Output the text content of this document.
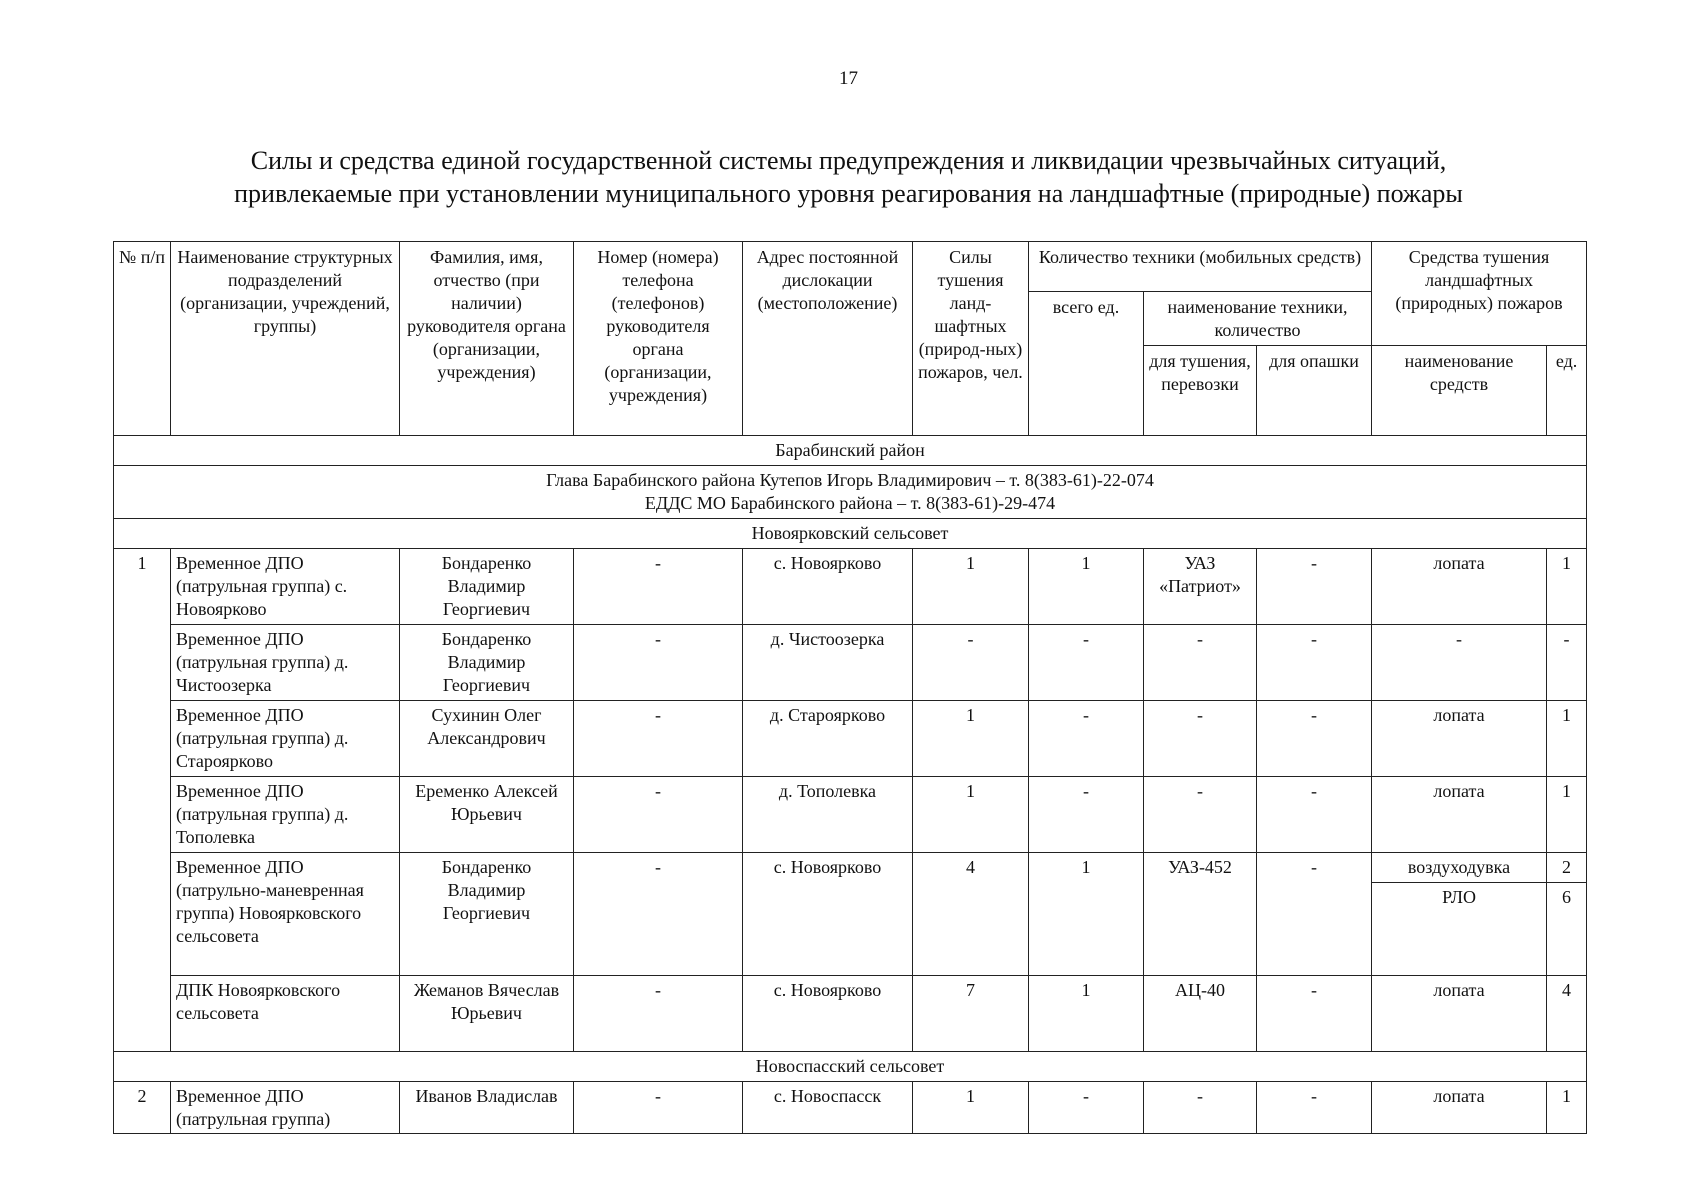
17
Силы и средства единой государственной системы предупреждения и ликвидации чрезвычайных ситуаций,
привлекаемые при установлении муниципального уровня реагирования на ландшафтные (природные) пожары
№ п/п	Наименование структурных подразделений (организации, учреждений, группы)	Фамилия, имя, отчество (при наличии) руководителя органа (организации, учреждения)	Номер (номера) телефона (телефонов) руководителя органа (организации, учреждения)	Адрес постоянной дислокации (местоположение)	Силы тушения ланд-шафтных (природ-ных) пожаров, чел.	Количество техники (мобильных средств)			Средства тушения ландшафтных (природных) пожаров	
						всего ед.	наименование техники, количество			
							для тушения, перевозки	для опашки	наименование средств	ед.
Барабинский район										

Глава Барабинского района Кутепов Игорь Владимирович – т. 8(383-61)-22-074
ЕДДС МО Барабинского района – т. 8(383-61)-29-474										

Новоярковский сельсовет										
1	Временное ДПО (патрульная группа) с. Новоярково	Бондаренко Владимир Георгиевич	-	с. Новоярково	1	1	УАЗ «Патриот»	-	лопата	1
	Временное ДПО (патрульная группа) д. Чистоозерка	Бондаренко Владимир Георгиевич	-	д. Чистоозерка	-	-	-	-	-	-
	Временное ДПО (патрульная группа) д. Староярково	Сухинин Олег Александрович	-	д. Староярково	1	-	-	-	лопата	1
	Временное ДПО (патрульная группа) д. Тополевка	Еременко Алексей Юрьевич	-	д. Тополевка	1	-	-	-	лопата	1
	Временное ДПО (патрульно-маневренная группа) Новоярковского сельсовета	Бондаренко Владимир Георгиевич	-	с. Новоярково	4	1	УАЗ-452	-	воздуходувка	2
									РЛО	6
	ДПК Новоярковского сельсовета	Жеманов Вячеслав Юрьевич	-	с. Новоярково	7	1	АЦ-40	-	лопата	4
Новоспасский сельсовет										
2	Временное ДПО (патрульная группа)	Иванов Владислав	-	с. Новоспасск	1	-	-	-	лопата	1
